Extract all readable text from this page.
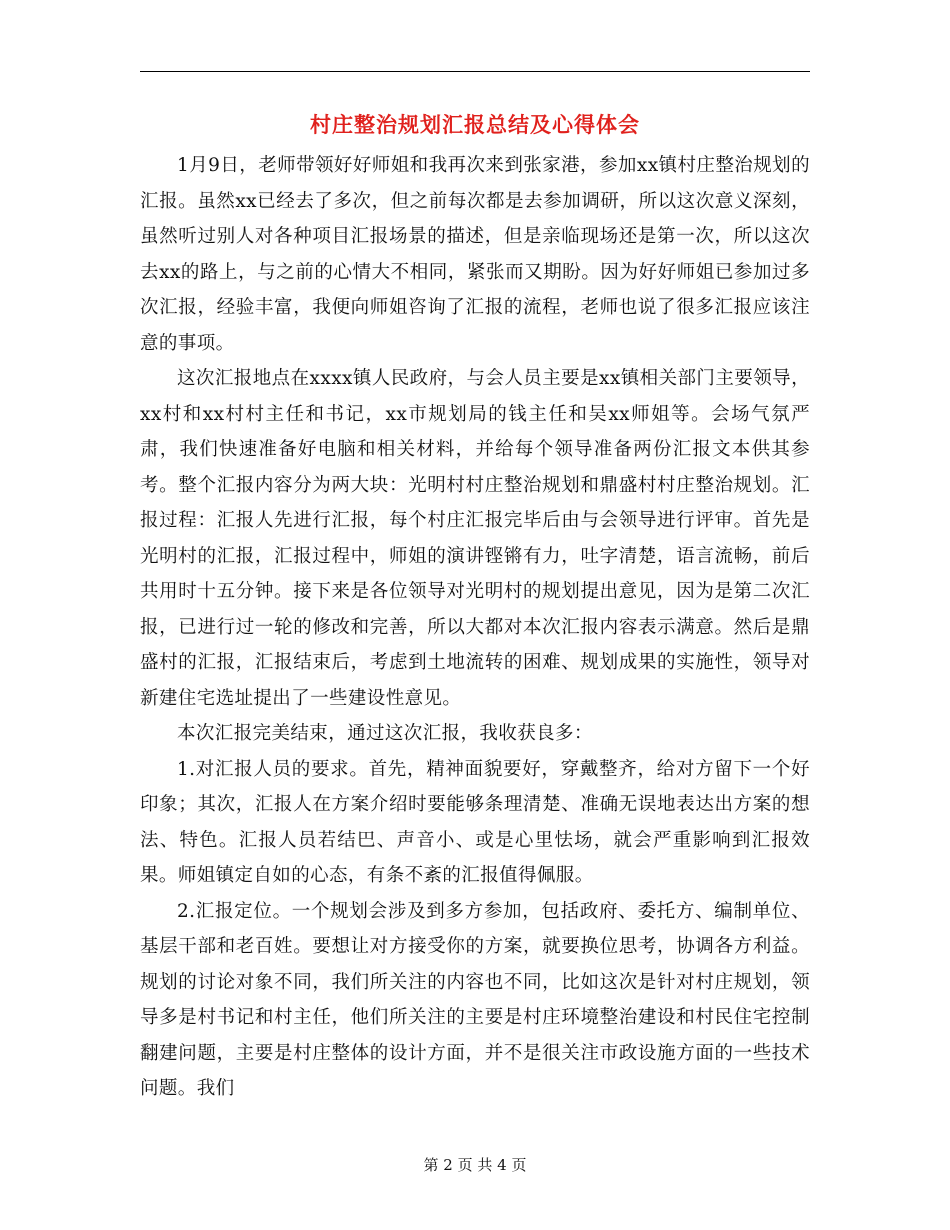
村庄整治规划汇报总结及心得体会

1月9日，老师带领好好师姐和我再次来到张家港，参加xx镇村庄整治规划的汇报。虽然xx已经去了多次，但之前每次都是去参加调研，所以这次意义深刻，虽然听过别人对各种项目汇报场景的描述，但是亲临现场还是第一次，所以这次去xx的路上，与之前的心情大不相同，紧张而又期盼。因为好好师姐已参加过多次汇报，经验丰富，我便向师姐咨询了汇报的流程，老师也说了很多汇报应该注意的事项。

这次汇报地点在xxxx镇人民政府，与会人员主要是xx镇相关部门主要领导，xx村和xx村村主任和书记，xx市规划局的钱主任和吴xx师姐等。会场气氛严肃，我们快速准备好电脑和相关材料，并给每个领导准备两份汇报文本供其参考。整个汇报内容分为两大块：光明村村庄整治规划和鼎盛村村庄整治规划。汇报过程：汇报人先进行汇报，每个村庄汇报完毕后由与会领导进行评审。首先是光明村的汇报，汇报过程中，师姐的演讲铿锵有力，吐字清楚，语言流畅，前后共用时十五分钟。接下来是各位领导对光明村的规划提出意见，因为是第二次汇报，已进行过一轮的修改和完善，所以大都对本次汇报内容表示满意。然后是鼎盛村的汇报，汇报结束后，考虑到土地流转的困难、规划成果的实施性，领导对新建住宅选址提出了一些建设性意见。

本次汇报完美结束，通过这次汇报，我收获良多：

1.对汇报人员的要求。首先，精神面貌要好，穿戴整齐，给对方留下一个好印象；其次，汇报人在方案介绍时要能够条理清楚、准确无误地表达出方案的想法、特色。汇报人员若结巴、声音小、或是心里怯场，就会严重影响到汇报效果。师姐镇定自如的心态，有条不紊的汇报值得佩服。

2.汇报定位。一个规划会涉及到多方参加，包括政府、委托方、编制单位、基层干部和老百姓。要想让对方接受你的方案，就要换位思考，协调各方利益。规划的讨论对象不同，我们所关注的内容也不同，比如这次是针对村庄规划，领导多是村书记和村主任，他们所关注的主要是村庄环境整治建设和村民住宅控制翻建问题，主要是村庄整体的设计方面，并不是很关注市政设施方面的一些技术问题。我们

第 2 页 共 4 页
